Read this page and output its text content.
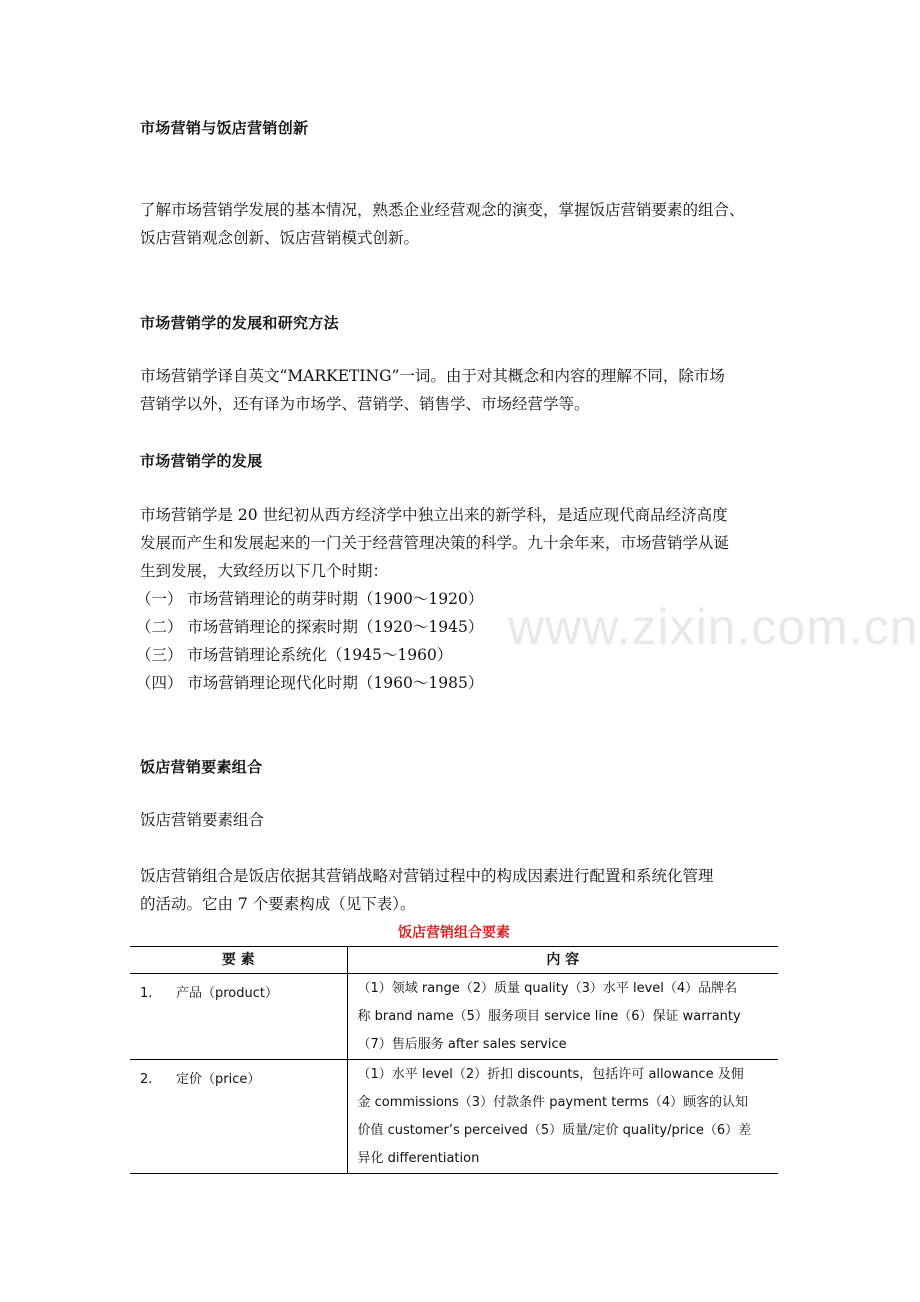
市场营销与饭店营销创新
了解市场营销学发展的基本情况，熟悉企业经营观念的演变，掌握饭店营销要素的组合、
饭店营销观念创新、饭店营销模式创新。
市场营销学的发展和研究方法
市场营销学译自英文“MARKETING”一词。由于对其概念和内容的理解不同，除市场
营销学以外，还有译为市场学、营销学、销售学、市场经营学等。
市场营销学的发展
市场营销学是 20 世纪初从西方经济学中独立出来的新学科，是适应现代商品经济高度
发展而产生和发展起来的一门关于经营管理决策的科学。九十余年来，市场营销学从诞
生到发展，大致经历以下几个时期：
（一） 市场营销理论的萌芽时期（1900～1920）
（二） 市场营销理论的探索时期（1920～1945）
（三） 市场营销理论系统化（1945～1960）
（四） 市场营销理论现代化时期（1960～1985）
www.zixin.com.cn
饭店营销要素组合
饭店营销要素组合
饭店营销组合是饭店依据其营销战略对营销过程中的构成因素进行配置和系统化管理
的活动。它由 7 个要素构成（见下表）。
饭店营销组合要素
要 素	内 容
1. 产品（product）	（1）领域 range（2）质量 quality（3）水平 level（4）品牌名
称 brand name（5）服务项目 service line（6）保证 warranty
（7）售后服务 after sales service

2. 定价（price）	（1）水平 level（2）折扣 discounts，包括许可 allowance 及佣
金 commissions（3）付款条件 payment terms（4）顾客的认知
价值 customer’s perceived（5）质量/定价 quality/price（6）差
异化 differentiation
